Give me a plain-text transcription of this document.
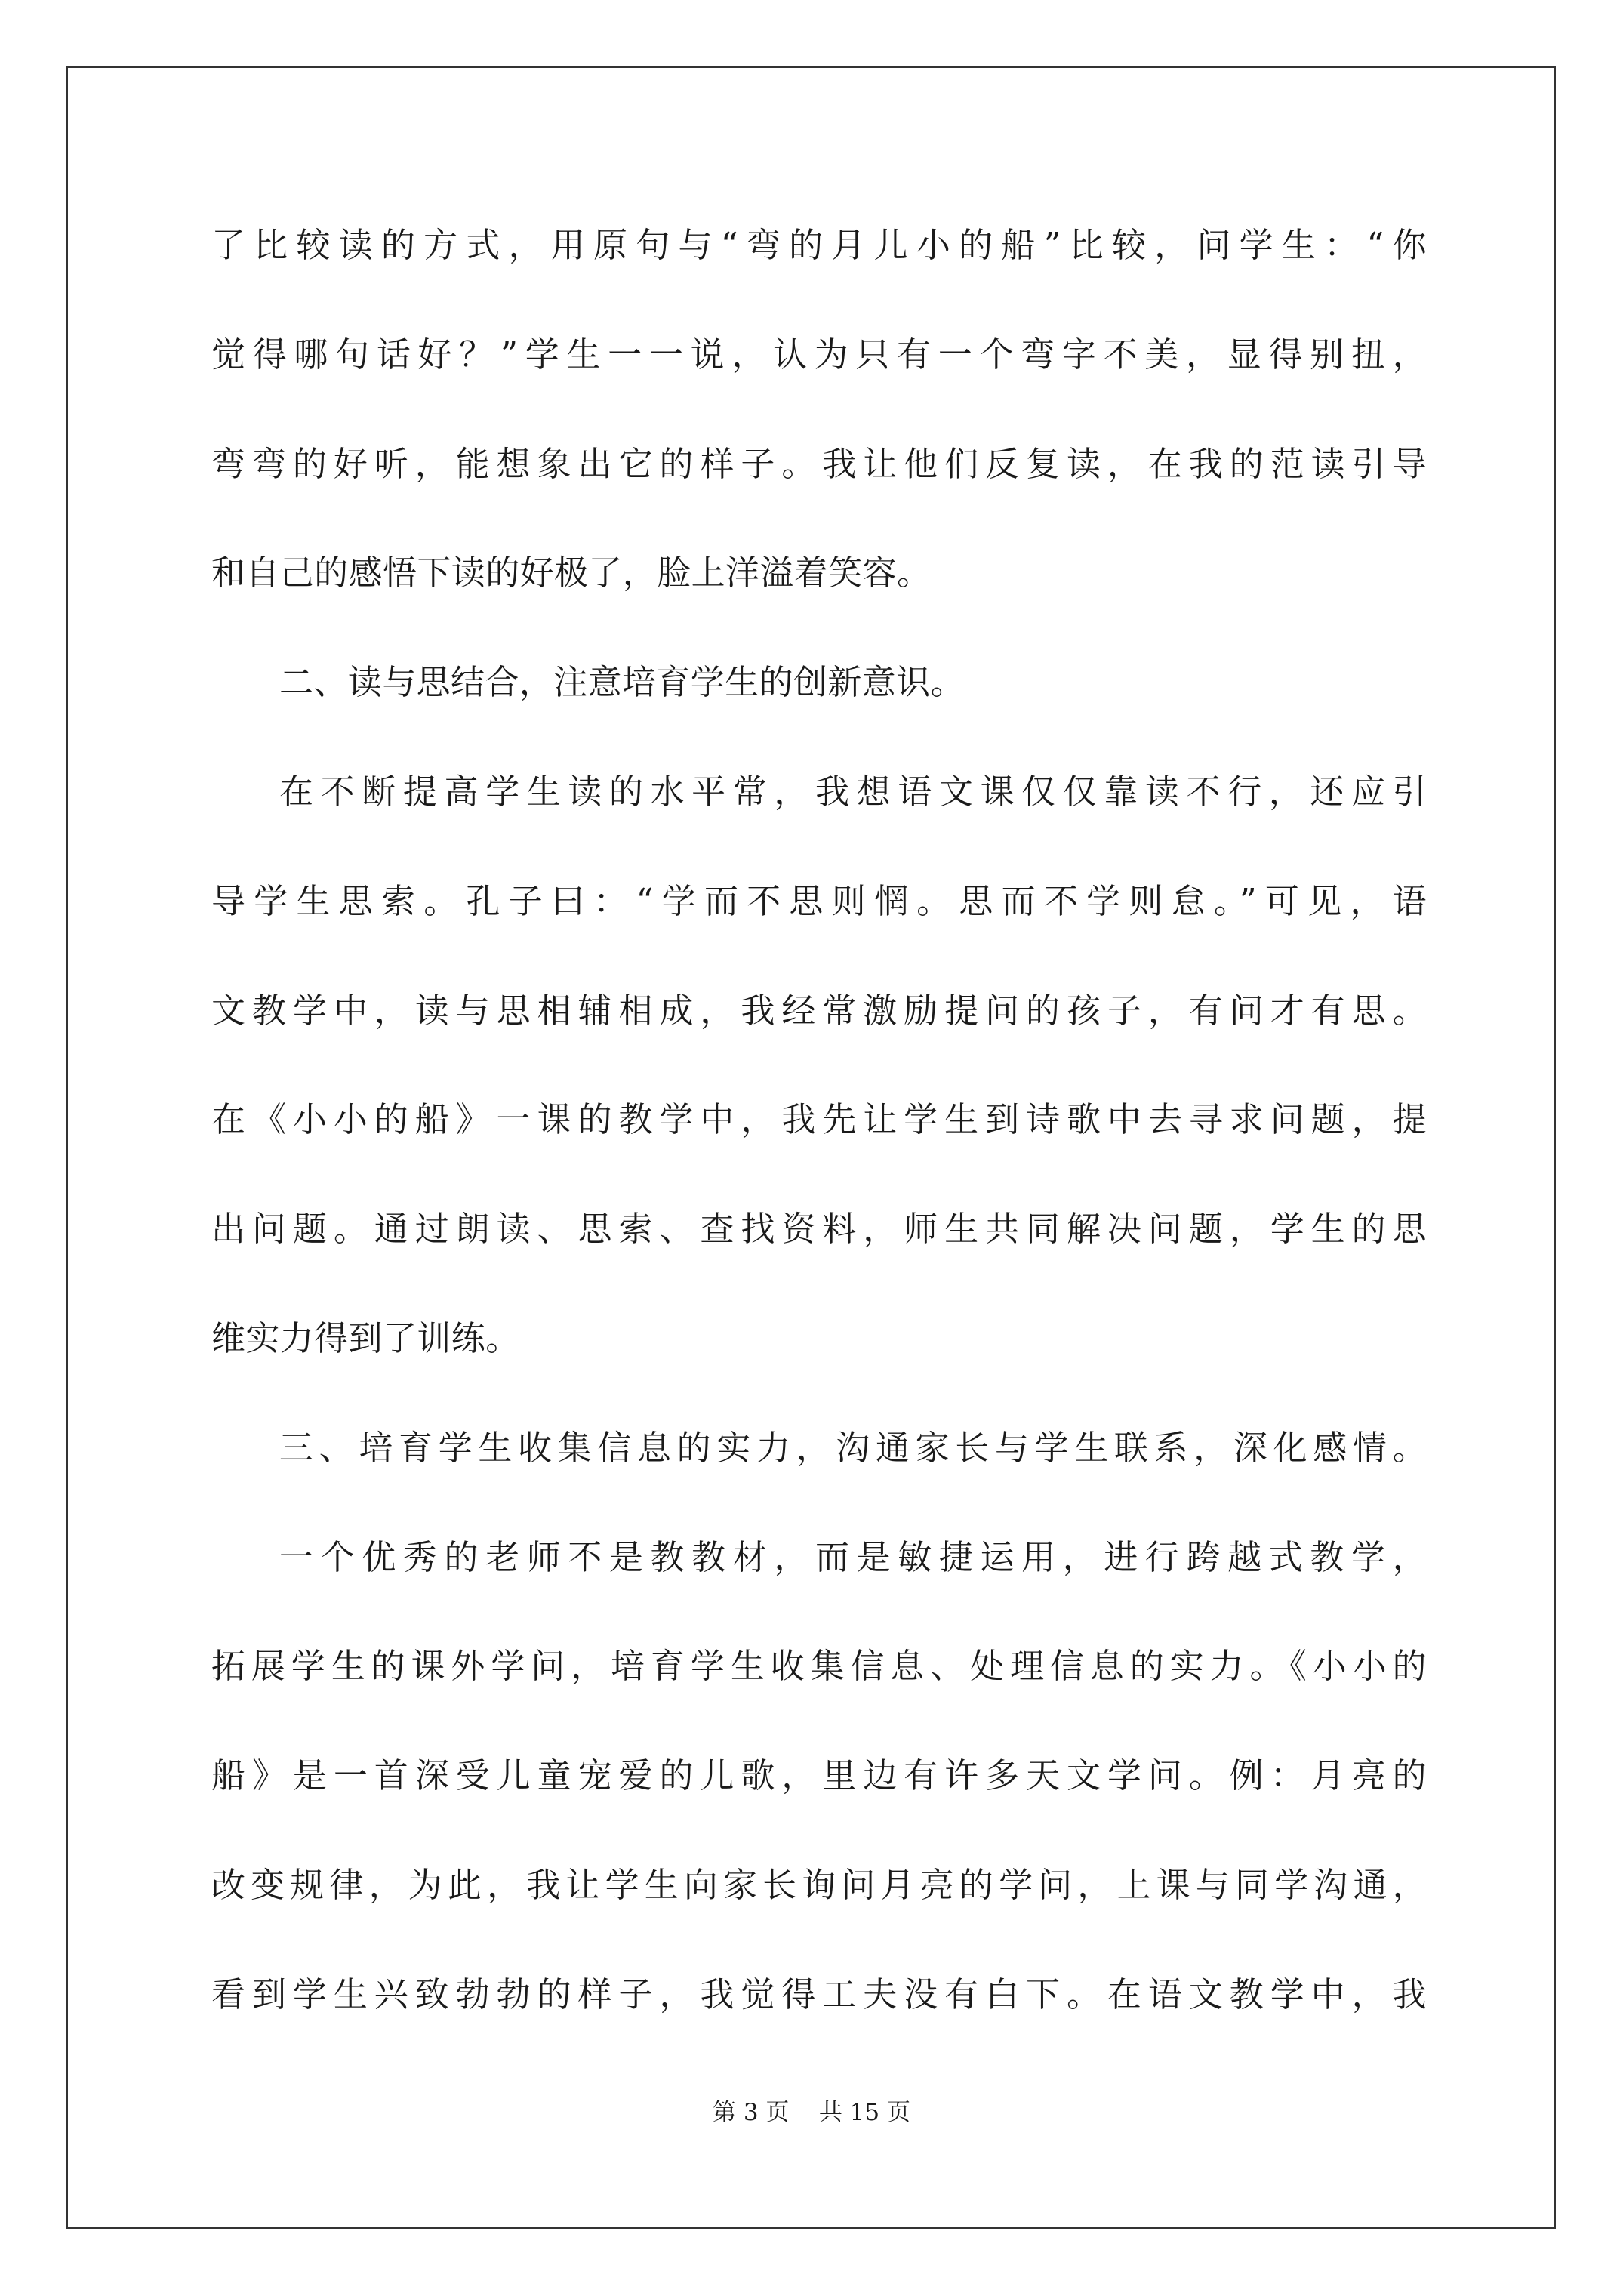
了比较读的方式，用原句与“弯的月儿小的船”比较，问学生：“你
觉得哪句话好？”学生一一说，认为只有一个弯字不美，显得别扭，
弯弯的好听，能想象出它的样子。我让他们反复读，在我的范读引导
和自己的感悟下读的好极了，脸上洋溢着笑容。
二、读与思结合，注意培育学生的创新意识。
在不断提高学生读的水平常，我想语文课仅仅靠读不行，还应引
导学生思索。孔子曰：“学而不思则惘。思而不学则怠。”可见，语
文教学中，读与思相辅相成，我经常激励提问的孩子，有问才有思。
在《小小的船》一课的教学中，我先让学生到诗歌中去寻求问题，提
出问题。通过朗读、思索、查找资料，师生共同解决问题，学生的思
维实力得到了训练。
三、培育学生收集信息的实力，沟通家长与学生联系，深化感情。
一个优秀的老师不是教教材，而是敏捷运用，进行跨越式教学，
拓展学生的课外学问，培育学生收集信息、处理信息的实力。《小小的
船》是一首深受儿童宠爱的儿歌，里边有许多天文学问。例：月亮的
改变规律，为此，我让学生向家长询问月亮的学问，上课与同学沟通，
看到学生兴致勃勃的样子，我觉得工夫没有白下。在语文教学中，我
第 3 页    共 15 页
